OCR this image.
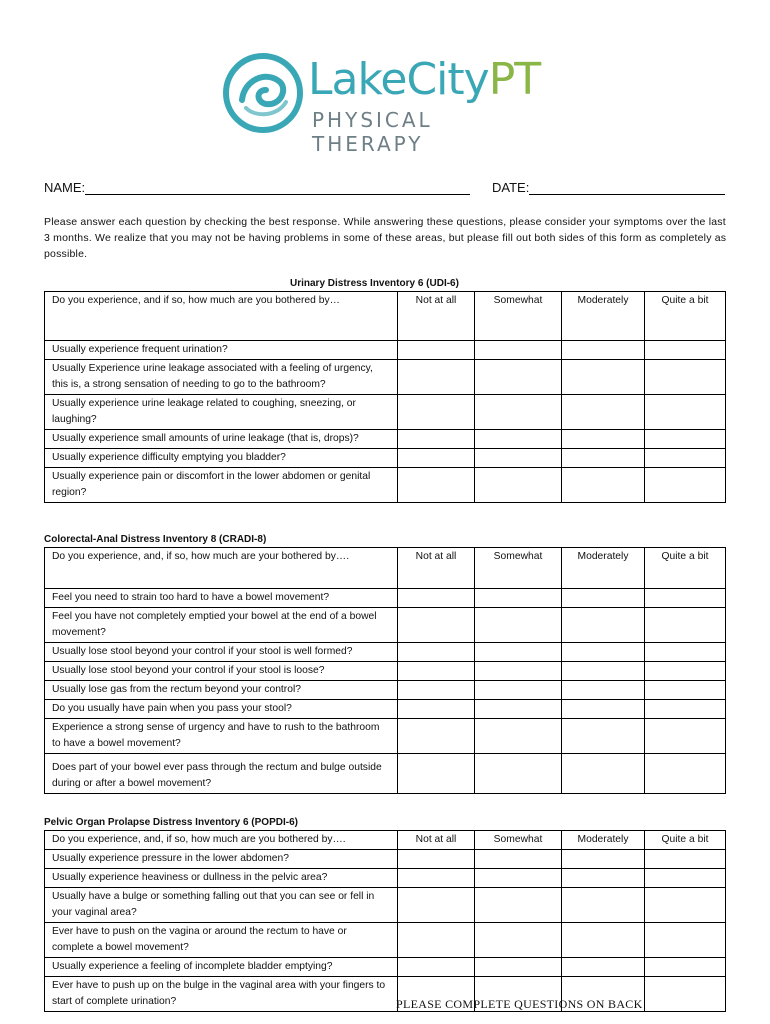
LakeCityPT
PHYSICAL THERAPY
NAME:	DATE:
Please answer each question by checking the best response. While answering these questions, please consider your symptoms over the last 3 months. We realize that you may not be having problems in some of these areas, but please fill out both sides of this form as completely as possible.
Urinary Distress Inventory 6 (UDI-6)
Do you experience, and if so, how much are you bothered by…	Not at all	Somewhat	Moderately	Quite a bit
Usually experience frequent urination?				
Usually Experience urine leakage associated with a feeling of urgency, this is, a strong sensation of needing to go to the bathroom?				
Usually experience urine leakage related to coughing, sneezing, or laughing?				
Usually experience small amounts of urine leakage (that is, drops)?				
Usually experience difficulty emptying you bladder?				
Usually experience pain or discomfort in the lower abdomen or genital region?				
Colorectal-Anal Distress Inventory 8 (CRADI-8)
Do you experience, and, if so, how much are your bothered by….	Not at all	Somewhat	Moderately	Quite a bit
Feel you need to strain too hard to have a bowel movement?				
Feel you have not completely emptied your bowel at the end of a bowel movement?				
Usually lose stool beyond your control if your stool is well formed?				
Usually lose stool beyond your control if your stool is loose?				
Usually lose gas from the rectum beyond your control?				
Do you usually have pain when you pass your stool?				
Experience a strong sense of urgency and have to rush to the bathroom to have a bowel movement?				
Does part of your bowel ever pass through the rectum and bulge outside during or after a bowel movement?				
Pelvic Organ Prolapse Distress Inventory 6 (POPDI-6)
Do you experience, and, if so, how much are you bothered by….	Not at all	Somewhat	Moderately	Quite a bit
Usually experience pressure in the lower abdomen?				
Usually experience heaviness or dullness in the pelvic area?				
Usually have a bulge or something falling out that you can see or fell in your vaginal area?				
Ever have to push on the vagina or around the rectum to have or complete a bowel movement?				
Usually experience a feeling of incomplete bladder emptying?				
Ever have to push up on the bulge in the vaginal area with your fingers to start of complete urination?					PLEASE COMPLETE QUESTIONS ON BACK
